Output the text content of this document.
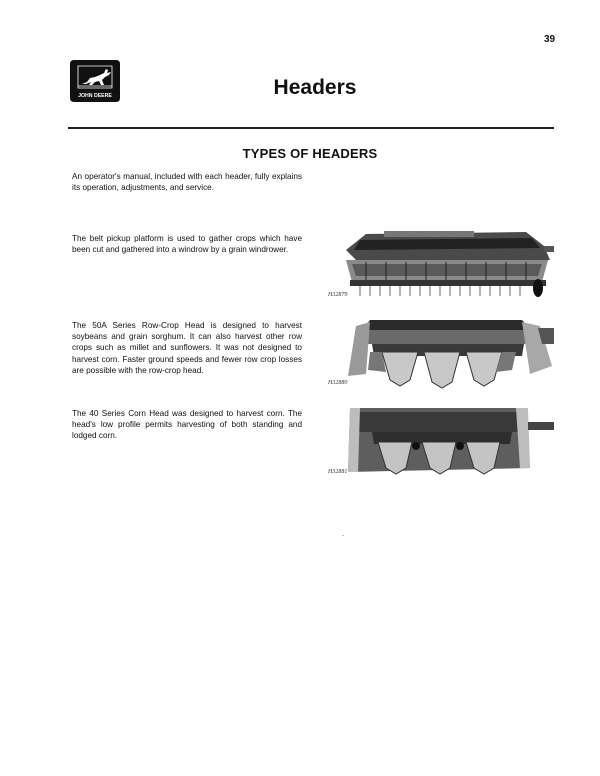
39
JOHN DEERE	Headers
TYPES OF HEADERS

An operator's manual, included with each header, fully explains its operation, adjustments, and service.

The belt pickup platform is used to gather crops which have been cut and gathered into a windrow by a grain windrower.

The 50A Series Row-Crop Head is designed to harvest soybeans and grain sorghum. It can also harvest other row crops such as millet and sunflowers. It was not designed to harvest corn. Faster ground speeds and fewer row crop losses are possible with the row-crop head.

The 40 Series Corn Head was designed to harvest corn. The head's low profile permits harvesting of both standing and lodged corn.

H32879
H32880
H32881
.
